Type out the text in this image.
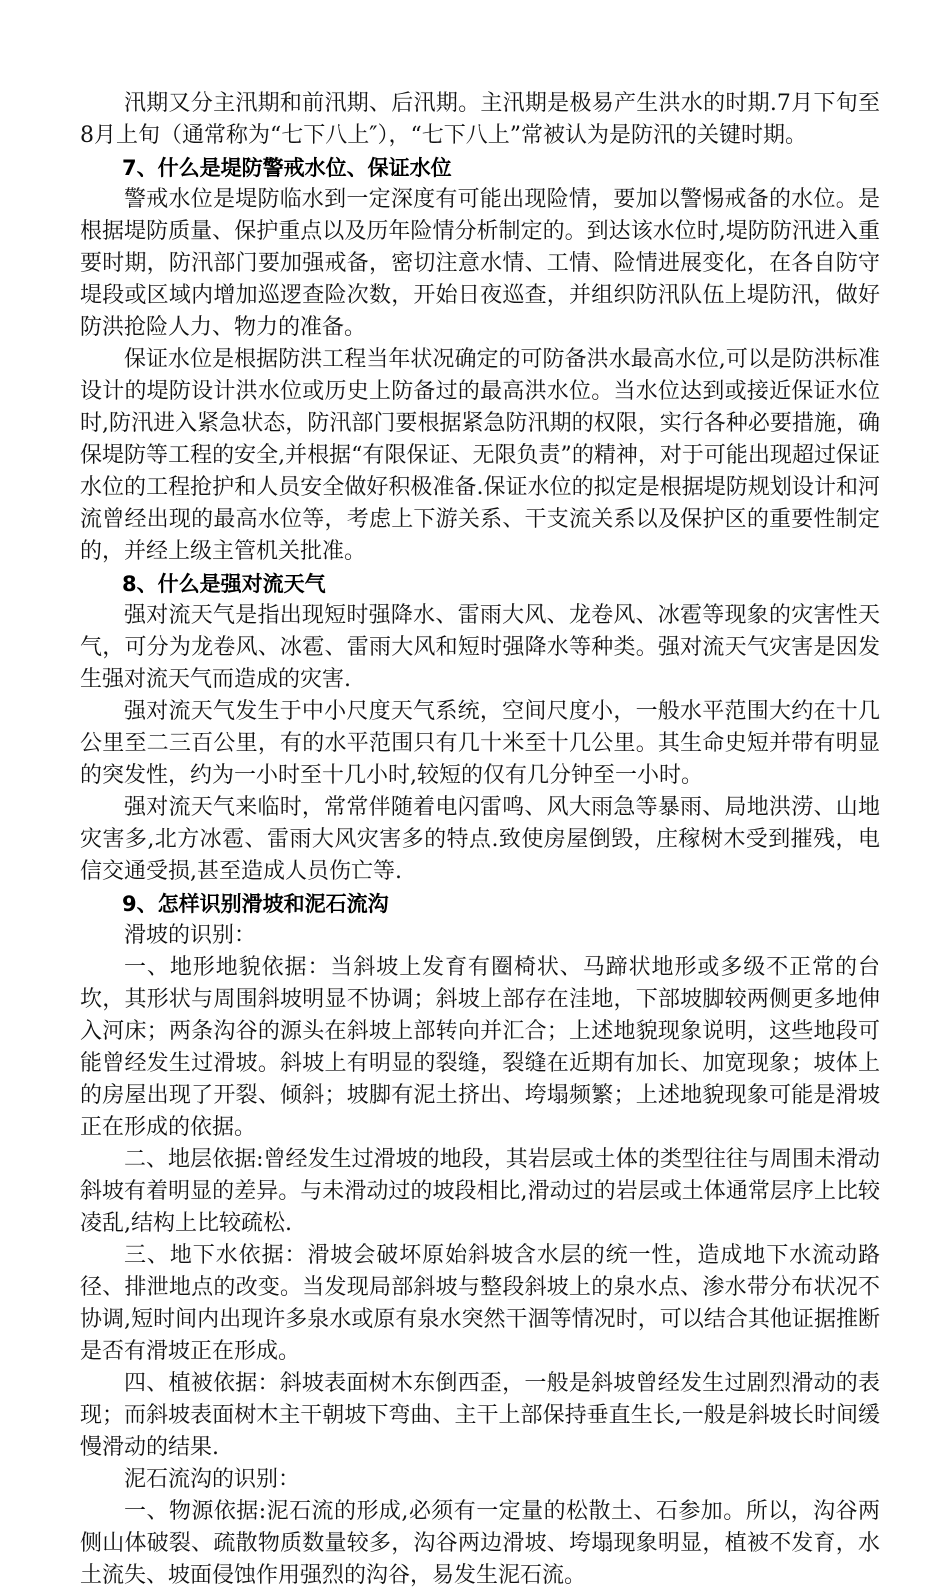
汛期又分主汛期和前汛期、后汛期。主汛期是极易产生洪水的时期.7月下旬至8月上旬（通常称为“七下八上″），“七下八上”常被认为是防汛的关键时期。

7、什么是堤防警戒水位、保证水位

警戒水位是堤防临水到一定深度有可能出现险情，要加以警惕戒备的水位。是根据堤防质量、保护重点以及历年险情分析制定的。到达该水位时,堤防防汛进入重要时期，防汛部门要加强戒备，密切注意水情、工情、险情进展变化，在各自防守堤段或区域内增加巡逻查险次数，开始日夜巡查，并组织防汛队伍上堤防汛，做好防洪抢险人力、物力的准备。

保证水位是根据防洪工程当年状况确定的可防备洪水最高水位,可以是防洪标准设计的堤防设计洪水位或历史上防备过的最高洪水位。当水位达到或接近保证水位时,防汛进入紧急状态，防汛部门要根据紧急防汛期的权限，实行各种必要措施，确保堤防等工程的安全,并根据“有限保证、无限负责”的精神，对于可能出现超过保证水位的工程抢护和人员安全做好积极准备.保证水位的拟定是根据堤防规划设计和河流曾经出现的最高水位等，考虑上下游关系、干支流关系以及保护区的重要性制定的，并经上级主管机关批准。

8、什么是强对流天气

强对流天气是指出现短时强降水、雷雨大风、龙卷风、冰雹等现象的灾害性天气，可分为龙卷风、冰雹、雷雨大风和短时强降水等种类。强对流天气灾害是因发生强对流天气而造成的灾害.

强对流天气发生于中小尺度天气系统，空间尺度小，一般水平范围大约在十几公里至二三百公里，有的水平范围只有几十米至十几公里。其生命史短并带有明显的突发性，约为一小时至十几小时,较短的仅有几分钟至一小时。

强对流天气来临时，常常伴随着电闪雷鸣、风大雨急等暴雨、局地洪涝、山地灾害多,北方冰雹、雷雨大风灾害多的特点.致使房屋倒毁，庄稼树木受到摧残，电信交通受损,甚至造成人员伤亡等.

9、怎样识别滑坡和泥石流沟

滑坡的识别：

一、地形地貌依据：当斜坡上发育有圈椅状、马蹄状地形或多级不正常的台坎，其形状与周围斜坡明显不协调；斜坡上部存在洼地，下部坡脚较两侧更多地伸入河床；两条沟谷的源头在斜坡上部转向并汇合；上述地貌现象说明，这些地段可能曾经发生过滑坡。斜坡上有明显的裂缝，裂缝在近期有加长、加宽现象；坡体上的房屋出现了开裂、倾斜；坡脚有泥土挤出、垮塌频繁；上述地貌现象可能是滑坡正在形成的依据。

二、地层依据:曾经发生过滑坡的地段，其岩层或土体的类型往往与周围未滑动斜坡有着明显的差异。与未滑动过的坡段相比,滑动过的岩层或土体通常层序上比较凌乱,结构上比较疏松.

三、地下水依据：滑坡会破坏原始斜坡含水层的统一性，造成地下水流动路径、排泄地点的改变。当发现局部斜坡与整段斜坡上的泉水点、渗水带分布状况不协调,短时间内出现许多泉水或原有泉水突然干涸等情况时，可以结合其他证据推断是否有滑坡正在形成。

四、植被依据：斜坡表面树木东倒西歪，一般是斜坡曾经发生过剧烈滑动的表现；而斜坡表面树木主干朝坡下弯曲、主干上部保持垂直生长,一般是斜坡长时间缓慢滑动的结果.

泥石流沟的识别：

一、物源依据:泥石流的形成,必须有一定量的松散土、石参加。所以，沟谷两侧山体破裂、疏散物质数量较多，沟谷两边滑坡、垮塌现象明显，植被不发育，水土流失、坡面侵蚀作用强烈的沟谷，易发生泥石流。
